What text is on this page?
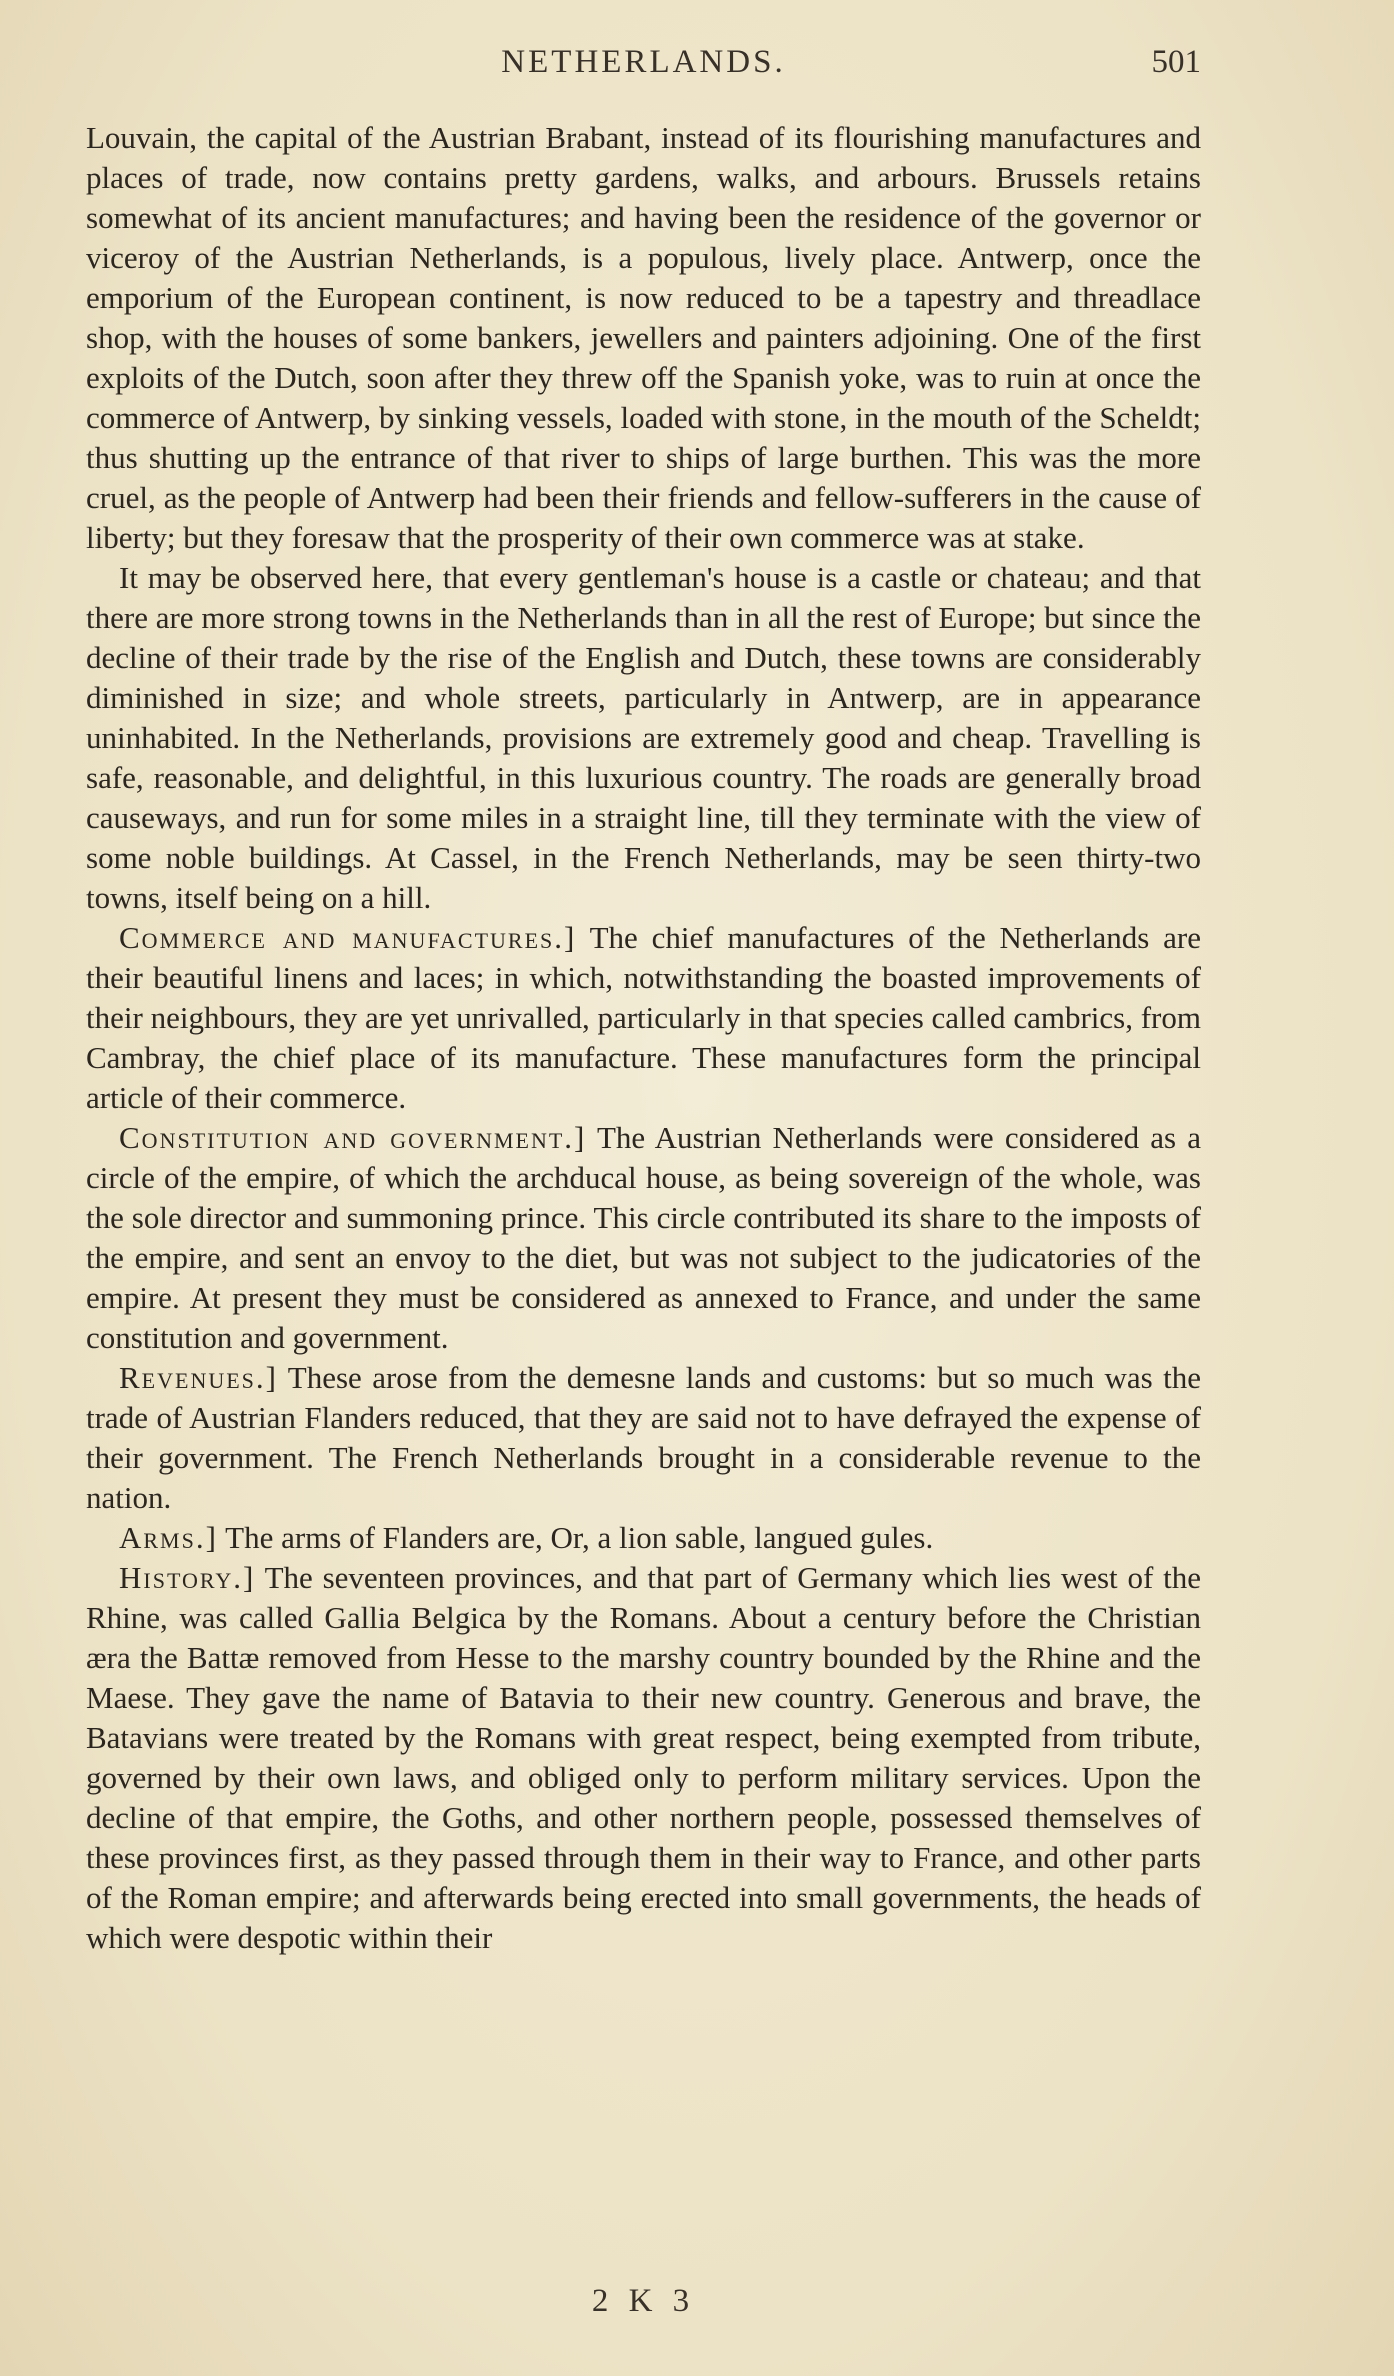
NETHERLANDS.	501

Louvain, the capital of the Austrian Brabant, instead of its flourishing manufactures and places of trade, now contains pretty gardens, walks, and arbours. Brussels retains somewhat of its ancient manufactures; and having been the residence of the governor or viceroy of the Austrian Netherlands, is a populous, lively place. Antwerp, once the emporium of the European continent, is now reduced to be a tapestry and threadlace shop, with the houses of some bankers, jewellers and painters adjoining. One of the first exploits of the Dutch, soon after they threw off the Spanish yoke, was to ruin at once the commerce of Antwerp, by sinking vessels, loaded with stone, in the mouth of the Scheldt; thus shutting up the entrance of that river to ships of large burthen. This was the more cruel, as the people of Antwerp had been their friends and fellow-sufferers in the cause of liberty; but they foresaw that the prosperity of their own commerce was at stake.

It may be observed here, that every gentleman's house is a castle or chateau; and that there are more strong towns in the Netherlands than in all the rest of Europe; but since the decline of their trade by the rise of the English and Dutch, these towns are considerably diminished in size; and whole streets, particularly in Antwerp, are in appearance uninhabited. In the Netherlands, provisions are extremely good and cheap. Travelling is safe, reasonable, and delightful, in this luxurious country. The roads are generally broad causeways, and run for some miles in a straight line, till they terminate with the view of some noble buildings. At Cassel, in the French Netherlands, may be seen thirty-two towns, itself being on a hill.

Commerce and manufactures.] The chief manufactures of the Netherlands are their beautiful linens and laces; in which, notwithstanding the boasted improvements of their neighbours, they are yet unrivalled, particularly in that species called cambrics, from Cambray, the chief place of its manufacture. These manufactures form the principal article of their commerce.

Constitution and government.] The Austrian Netherlands were considered as a circle of the empire, of which the archducal house, as being sovereign of the whole, was the sole director and summoning prince. This circle contributed its share to the imposts of the empire, and sent an envoy to the diet, but was not subject to the judicatories of the empire. At present they must be considered as annexed to France, and under the same constitution and government.

Revenues.] These arose from the demesne lands and customs: but so much was the trade of Austrian Flanders reduced, that they are said not to have defrayed the expense of their government. The French Netherlands brought in a considerable revenue to the nation.

Arms.] The arms of Flanders are, Or, a lion sable, langued gules.

History.] The seventeen provinces, and that part of Germany which lies west of the Rhine, was called Gallia Belgica by the Romans. About a century before the Christian æra the Battæ removed from Hesse to the marshy country bounded by the Rhine and the Maese. They gave the name of Batavia to their new country. Generous and brave, the Batavians were treated by the Romans with great respect, being exempted from tribute, governed by their own laws, and obliged only to perform military services. Upon the decline of that empire, the Goths, and other northern people, possessed themselves of these provinces first, as they passed through them in their way to France, and other parts of the Roman empire; and afterwards being erected into small governments, the heads of which were despotic within their

2 K 3
